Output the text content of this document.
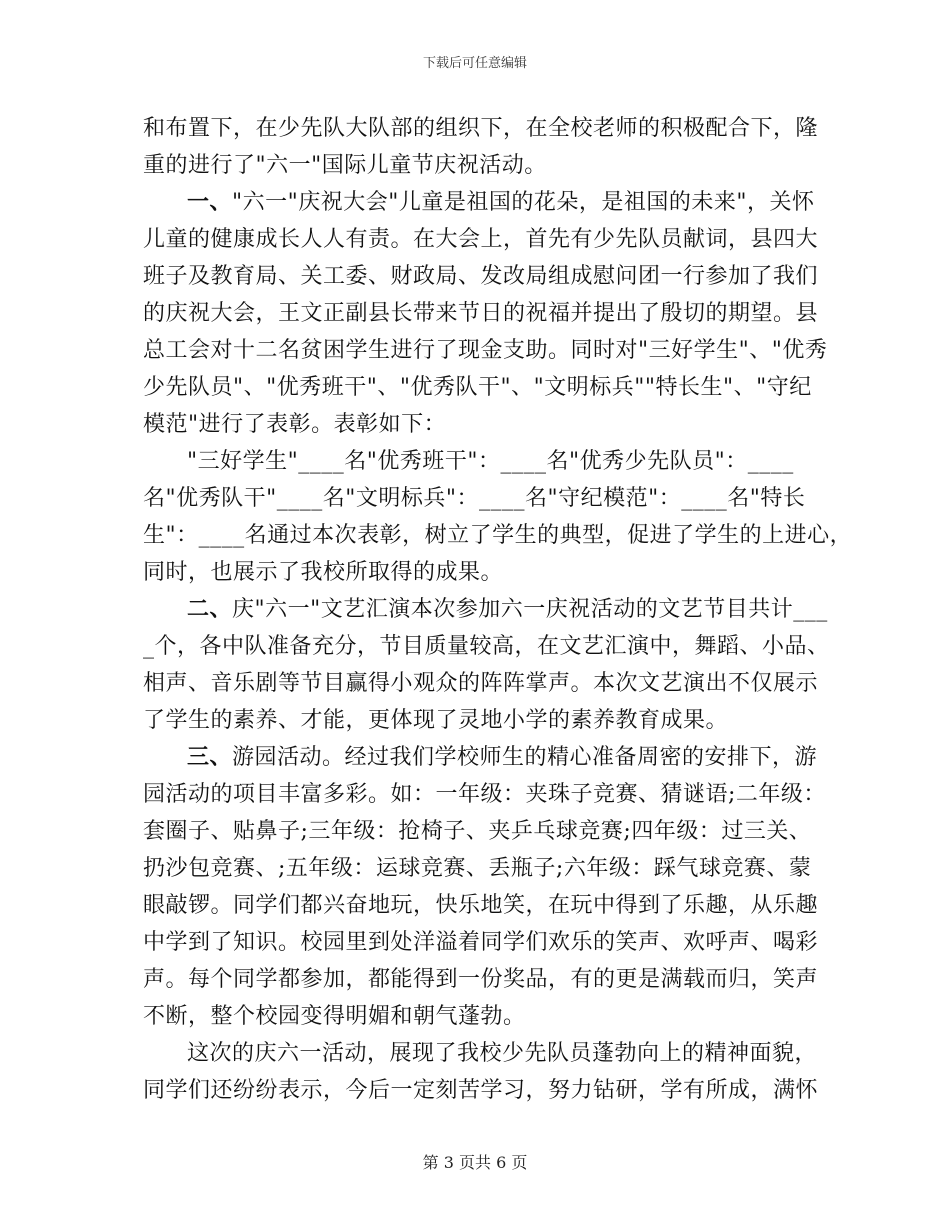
下载后可任意编辑
和布置下，在少先队大队部的组织下，在全校老师的积极配合下，隆
重的进行了"六一"国际儿童节庆祝活动。
一、"六一"庆祝大会"儿童是祖国的花朵，是祖国的未来"，关怀
儿童的健康成长人人有责。在大会上，首先有少先队员献词，县四大
班子及教育局、关工委、财政局、发改局组成慰问团一行参加了我们
的庆祝大会，王文正副县长带来节日的祝福并提出了殷切的期望。县
总工会对十二名贫困学生进行了现金支助。同时对"三好学生"、"优秀
少先队员"、"优秀班干"、"优秀队干"、"文明标兵""特长生"、"守纪
模范"进行了表彰。表彰如下：
"三好学生"____名"优秀班干"：____名"优秀少先队员"：____
名"优秀队干"____名"文明标兵"：____名"守纪模范"：____名"特长
生"：____名通过本次表彰，树立了学生的典型，促进了学生的上进心，
同时，也展示了我校所取得的成果。
二、庆"六一"文艺汇演本次参加六一庆祝活动的文艺节目共计___
_个，各中队准备充分，节目质量较高，在文艺汇演中，舞蹈、小品、
相声、音乐剧等节目赢得小观众的阵阵掌声。本次文艺演出不仅展示
了学生的素养、才能，更体现了灵地小学的素养教育成果。
三、游园活动。经过我们学校师生的精心准备周密的安排下，游
园活动的项目丰富多彩。如：一年级：夹珠子竞赛、猜谜语;二年级：
套圈子、贴鼻子;三年级：抢椅子、夹乒乓球竞赛;四年级：过三关、
扔沙包竞赛、;五年级：运球竞赛、丢瓶子;六年级：踩气球竞赛、蒙
眼敲锣。同学们都兴奋地玩，快乐地笑，在玩中得到了乐趣，从乐趣
中学到了知识。校园里到处洋溢着同学们欢乐的笑声、欢呼声、喝彩
声。每个同学都参加，都能得到一份奖品，有的更是满载而归，笑声
不断，整个校园变得明媚和朝气蓬勃。
这次的庆六一活动，展现了我校少先队员蓬勃向上的精神面貌，
同学们还纷纷表示，今后一定刻苦学习，努力钻研，学有所成，满怀
第 3 页共 6 页
